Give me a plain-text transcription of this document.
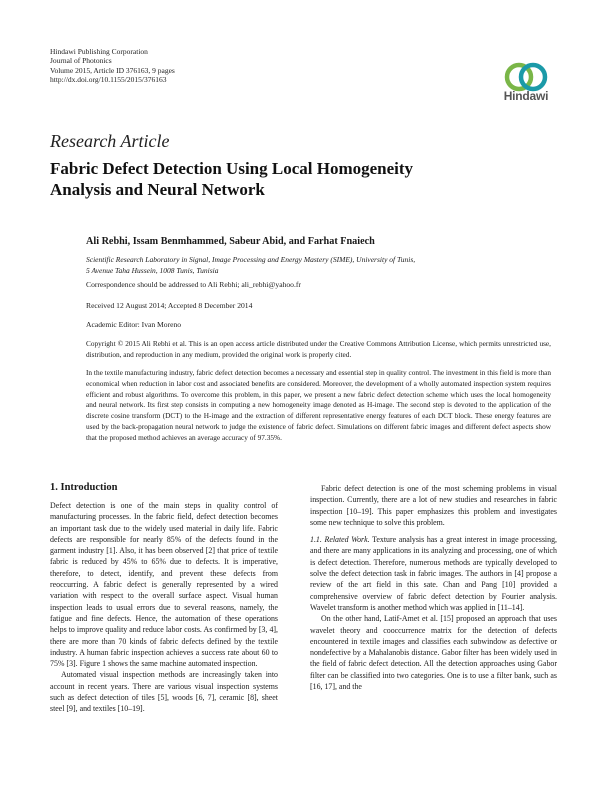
Hindawi Publishing Corporation
Journal of Photonics
Volume 2015, Article ID 376163, 9 pages
http://dx.doi.org/10.1155/2015/376163
Hindawi
Research Article
Fabric Defect Detection Using Local Homogeneity
Analysis and Neural Network
Ali Rebhi, Issam Benmhammed, Sabeur Abid, and Farhat Fnaiech
Scientific Research Laboratory in Signal, Image Processing and Energy Mastery (SIME), University of Tunis,
5 Avenue Taha Hussein, 1008 Tunis, Tunisia
Correspondence should be addressed to Ali Rebhi; ali_rebhi@yahoo.fr
Received 12 August 2014; Accepted 8 December 2014
Academic Editor: Ivan Moreno
Copyright © 2015 Ali Rebhi et al. This is an open access article distributed under the Creative Commons Attribution License, which permits unrestricted use, distribution, and reproduction in any medium, provided the original work is properly cited.
In the textile manufacturing industry, fabric defect detection becomes a necessary and essential step in quality control. The investment in this field is more than economical when reduction in labor cost and associated benefits are considered. Moreover, the development of a wholly automated inspection system requires efficient and robust algorithms. To overcome this problem, in this paper, we present a new fabric defect detection scheme which uses the local homogeneity and neural network. Its first step consists in computing a new homogeneity image denoted as H-image. The second step is devoted to the application of the discrete cosine transform (DCT) to the H-image and the extraction of different representative energy features of each DCT block. These energy features are used by the back-propagation neural network to judge the existence of fabric defect. Simulations on different fabric images and different defect aspects show that the proposed method achieves an average accuracy of 97.35%.
1. Introduction

Defect detection is one of the main steps in quality control of manufacturing processes. In the fabric field, defect detection becomes an important task due to the widely used material in daily life. Fabric defects are responsible for nearly 85% of the defects found in the garment industry [1]. Also, it has been observed [2] that price of textile fabric is reduced by 45% to 65% due to defects. It is imperative, therefore, to detect, identify, and prevent these defects from reoccurring. A fabric defect is generally represented by a wired variation with respect to the overall surface aspect. Visual human inspection leads to usual errors due to several reasons, namely, the fatigue and fine defects. Hence, the automation of these operations helps to improve quality and reduce labor costs. As confirmed by [3, 4], there are more than 70 kinds of fabric defects defined by the textile industry. A human fabric inspection achieves a success rate about 60 to 75% [3]. Figure 1 shows the same machine automated inspection.

Automated visual inspection methods are increasingly taken into account in recent years. There are various visual inspection systems such as defect detection of tiles [5], woods [6, 7], ceramic [8], sheet steel [9], and textiles [10–19].

Fabric defect detection is one of the most scheming problems in visual inspection. Currently, there are a lot of new studies and researches in fabric inspection [10–19]. This paper emphasizes this problem and investigates some new technique to solve this problem.

1.1. Related Work. Texture analysis has a great interest in image processing, and there are many applications in its analyzing and processing, one of which is defect detection. Therefore, numerous methods are typically developed to solve the defect detection task in fabric images. The authors in [4] propose a review of the art field in this sate. Chan and Pang [10] provided a comprehensive overview of fabric defect detection by Fourier analysis. Wavelet transform is another method which was applied in [11–14].

On the other hand, Latif-Amet et al. [15] proposed an approach that uses wavelet theory and cooccurrence matrix for the detection of defects encountered in textile images and classifies each subwindow as defective or nondefective by a Mahalanobis distance. Gabor filter has been widely used in the field of fabric defect detection. All the detection approaches using Gabor filter can be classified into two categories. One is to use a filter bank, such as [16, 17], and the
